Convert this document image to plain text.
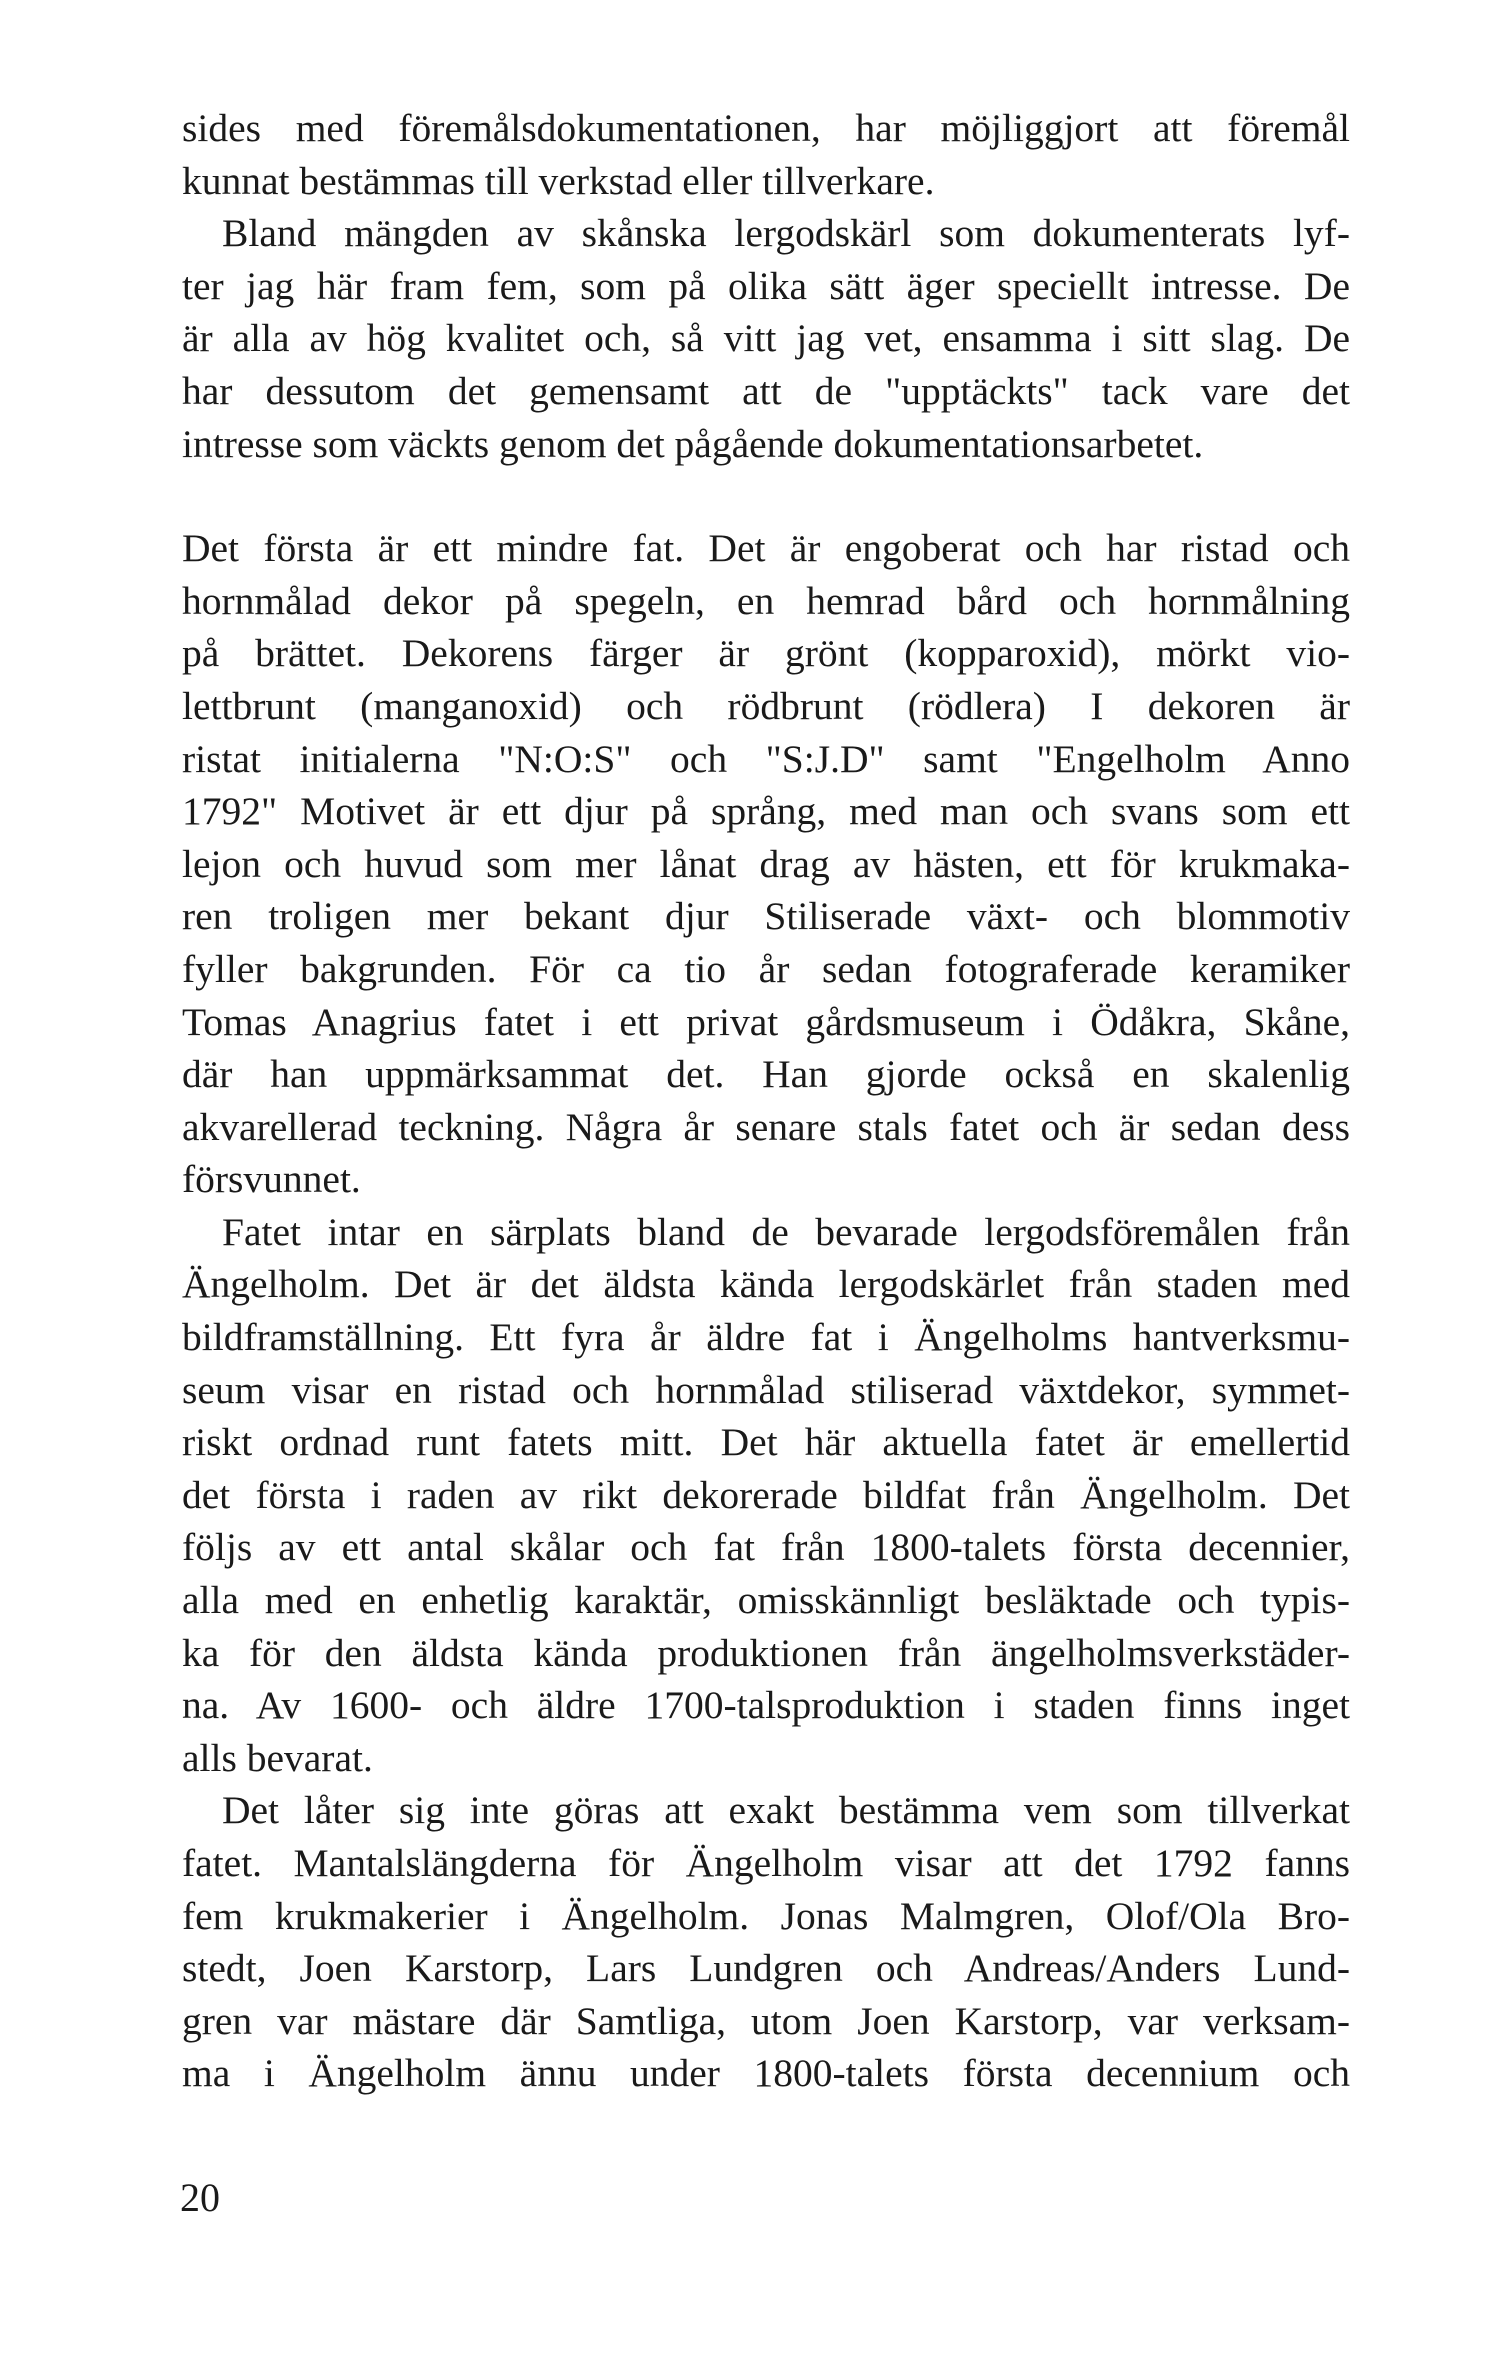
sides med föremålsdokumentationen, har möjliggjort att föremål
kunnat bestämmas till verkstad eller tillverkare.
Bland mängden av skånska lergodskärl som dokumenterats lyf-
ter jag här fram fem, som på olika sätt äger speciellt intresse. De
är alla av hög kvalitet och, så vitt jag vet, ensamma i sitt slag. De
har dessutom det gemensamt att de "upptäckts" tack vare det
intresse som väckts genom det pågående dokumentationsarbetet.
Det första är ett mindre fat. Det är engoberat och har ristad och
hornmålad dekor på spegeln, en hemrad bård och hornmålning
på brättet. Dekorens färger är grönt (kopparoxid), mörkt vio-
lettbrunt (manganoxid) och rödbrunt (rödlera) I dekoren är
ristat initialerna "N:O:S" och "S:J.D" samt "Engelholm Anno
1792" Motivet är ett djur på språng, med man och svans som ett
lejon och huvud som mer lånat drag av hästen, ett för krukmaka-
ren troligen mer bekant djur Stiliserade växt- och blommotiv
fyller bakgrunden. För ca tio år sedan fotograferade keramiker
Tomas Anagrius fatet i ett privat gårdsmuseum i Ödåkra, Skåne,
där han uppmärksammat det. Han gjorde också en skalenlig
akvarellerad teckning. Några år senare stals fatet och är sedan dess
försvunnet.
Fatet intar en särplats bland de bevarade lergodsföremålen från
Ängelholm. Det är det äldsta kända lergodskärlet från staden med
bildframställning. Ett fyra år äldre fat i Ängelholms hantverksmu-
seum visar en ristad och hornmålad stiliserad växtdekor, symmet-
riskt ordnad runt fatets mitt. Det här aktuella fatet är emellertid
det första i raden av rikt dekorerade bildfat från Ängelholm. Det
följs av ett antal skålar och fat från 1800-talets första decennier,
alla med en enhetlig karaktär, omisskännligt besläktade och typis-
ka för den äldsta kända produktionen från ängelholmsverkstäder-
na. Av 1600- och äldre 1700-talsproduktion i staden finns inget
alls bevarat.
Det låter sig inte göras att exakt bestämma vem som tillverkat
fatet. Mantalslängderna för Ängelholm visar att det 1792 fanns
fem krukmakerier i Ängelholm. Jonas Malmgren, Olof/Ola Bro-
stedt, Joen Karstorp, Lars Lundgren och Andreas/Anders Lund-
gren var mästare där Samtliga, utom Joen Karstorp, var verksam-
ma i Ängelholm ännu under 1800-talets första decennium och
20
